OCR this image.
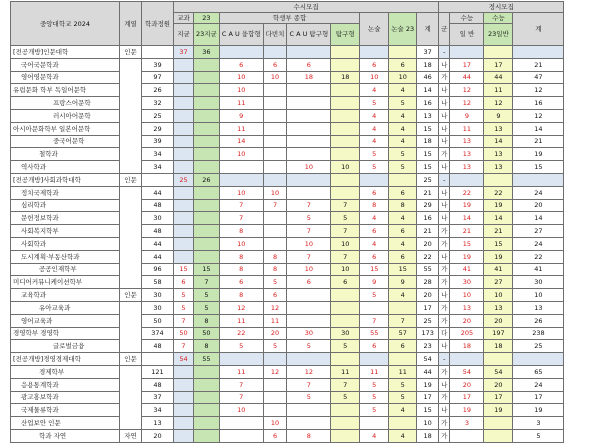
중앙대학교 2024	계열	학과정원	수시모집									정시모집			
			교과	23	학생부 종합				논술	논술 23	계	군	수능	수능	계
			지균	23지균	C A U 융합형	다빈치	C A U 탐구형	탐구형					일 반	23일반	
[전공개방]인문대학	인문		37	36							37	-			
국어국문학과		39			6	6	6		6	6	18	나	17	17	21
영어영문학과		97			10	10	18	18	10	10	46	가	44	44	47
유럽문화 학부 독일어문학		26			10				4	4	14	나	12	11	12
프랑스어문학		32			11				5	5	16	나	12	12	16
러시아어문학		25			9				4	4	13	나	9	9	12
아시아문화학부 일본어문학		29			11				4	4	15	나	11	13	14
중국어문학		39			14				4	4	18	나	13	14	21
철학과		34			10				5	5	15	가	13	13	19
역사학과		34					10	10	5	5	15	나	13	13	15
[전공개방]사회과학대학	인문		25	26							25	-			
정치국제학과		44			10	10			6	6	21	나	22	22	24
심리학과		48			7	7	7	7	8	8	29	나	19	19	20
문헌정보학과		30			7		5	5	4	4	16	나	14	14	14
사회복지학부		48			8		7	7	6	6	21	가	21	21	27
사회학과		44			10		10	10	4	4	20	가	15	15	24
도시계획·부동산학과		44			8	8	7	7	6	6	22	나	19	19	22
공공인재학부		96	15	15	8	8	10	10	15	15	55	가	41	41	41
미디어커뮤니케이션학부		58	6	7	6	5	6	6	9	9	28	가	30	27	30
교육학과	인문	30	5	5	8	6			5	4	20	나	10	10	10
유아교육과		30	5	5	12	12					17	가	13	13	13
영어교육과		50	7	8	11	11			7	7	25	가	20	20	26
경영학부 경영학		374	50	50	22	20	30	30	55	57	173	다	205	197	238
글로벌금융		48	7	8	5	5	5	5	6	6	23	나	18	18	25
[전공개방]경영경제대학	인문		54	55							54	-			
경제학부		121			11	12	12	11	11	11	44	가	54	54	65
응용통계학과		48			7		7	7	5	5	19	나	20	20	24
광고홍보학과		37			7		5	5	5	5	17	가	17	17	17
국제물류학과		34			10				5	4	15	나	19	19	19
산업보안 인문		13				10					10	가	3		3
학과 자연	자연	20				6	8		4	4	18	가			5
